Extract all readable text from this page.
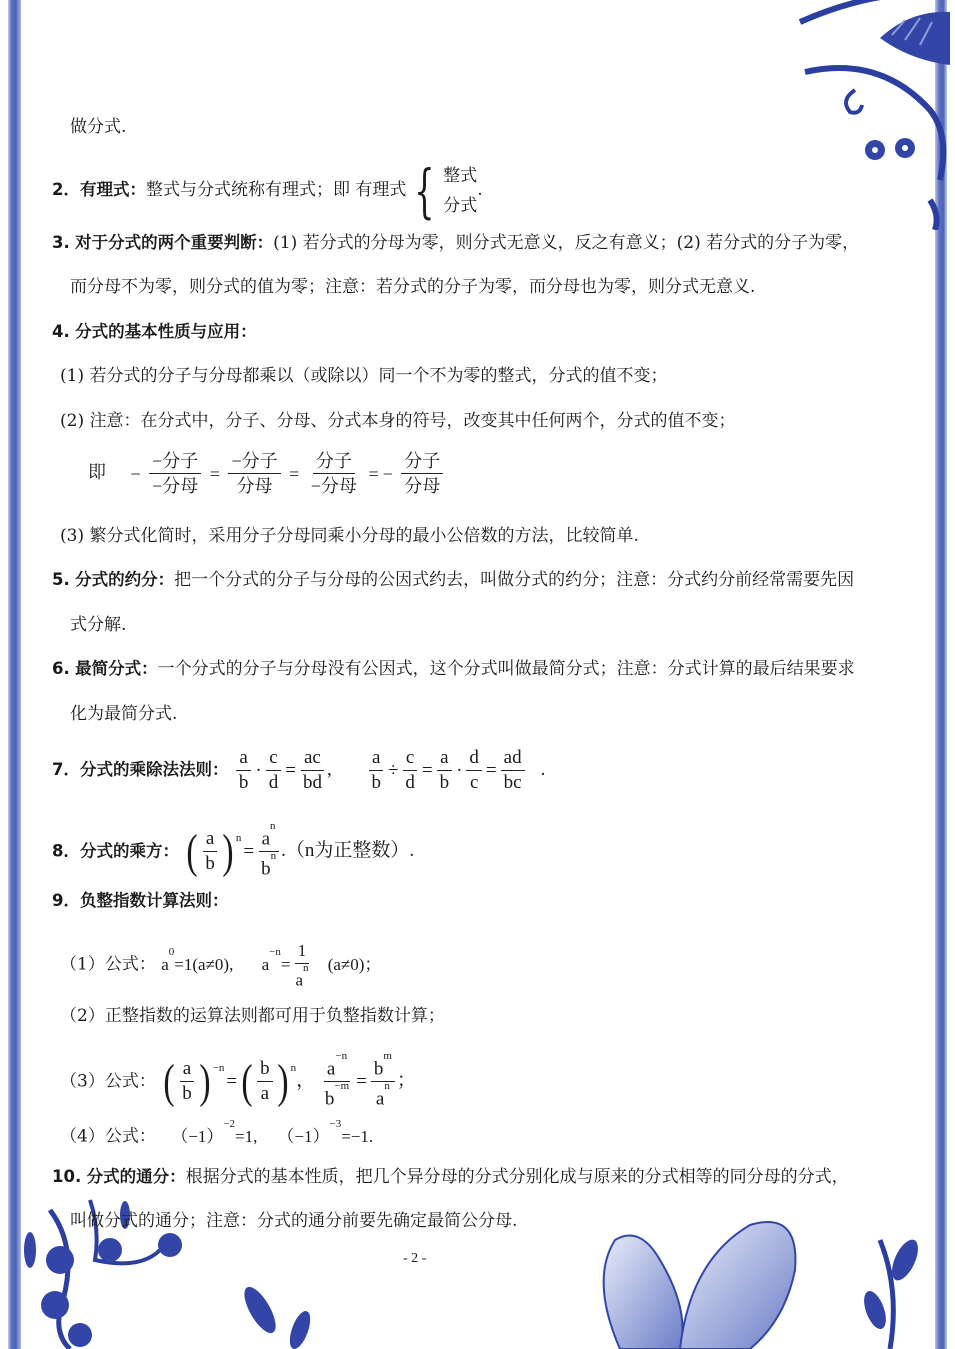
做分式.
2．有理式：整式与分式统称有理式；即 有理式 { 整式
分式
.
3. 对于分式的两个重要判断：(1) 若分式的分母为零，则分式无意义，反之有意义；(2) 若分式的分子为零，
而分母不为零，则分式的值为零；注意：若分式的分子为零，而分母也为零，则分式无意义.
4. 分式的基本性质与应用：
(1) 若分式的分子与分母都乘以（或除以）同一个不为零的整式，分式的值不变；
(2) 注意：在分式中，分子、分母、分式本身的符号，改变其中任何两个，分式的值不变；
即 − $\frac{\text{−分子}}{\text{−分母}} = \frac{\text{−分子}}{\text{分母}} = \frac{\text{分子}}{\text{−分母}}$ = − $\frac{\text{分子}}{\text{分母}}$
(3) 繁分式化简时，采用分子分母同乘小分母的最小公倍数的方法，比较简单.
5. 分式的约分：把一个分式的分子与分母的公因式约去，叫做分式的约分；注意：分式约分前经常需要先因
式分解.
6. 最简分式：一个分式的分子与分母没有公因式，这个分式叫做最简分式；注意：分式计算的最后结果要求
化为最简分式.
7．分式的乘除法法则： $\frac{a}{b} \cdot \frac{c}{d} = \frac{ac}{bd}$ , $\frac{a}{b} \div \frac{c}{d} = \frac{a}{b} \cdot \frac{d}{c} = \frac{ad}{bc}$ .
8．分式的乘方： ( $\frac{a}{b}$ ) $^n= \frac{a^n}{b^n} .(n$为正整数）.
9．负整指数计算法则：
（1）公式： $a^0=1(a\ne 0)$, $a^{-n}= \frac{1}{a^n} (a\ne 0)$；
（2）正整指数的运算法则都可用于负整指数计算；
（3）公式： ( $\frac{a}{b}$ ) $^{-n}=( \frac{b}{a}$ ) $^n$， $\frac{a^{-n}}{b^{-m}} = \frac{b^m}{a^n}$ ；
（4）公式： $(-1)^{-2}=1$, $(-1)^{-3}=-1$.
10. 分式的通分：根据分式的基本性质，把几个异分母的分式分别化成与原来的分式相等的同分母的分式，
叫做分式的通分；注意：分式的通分前要先确定最简公分母.
- 2 -
